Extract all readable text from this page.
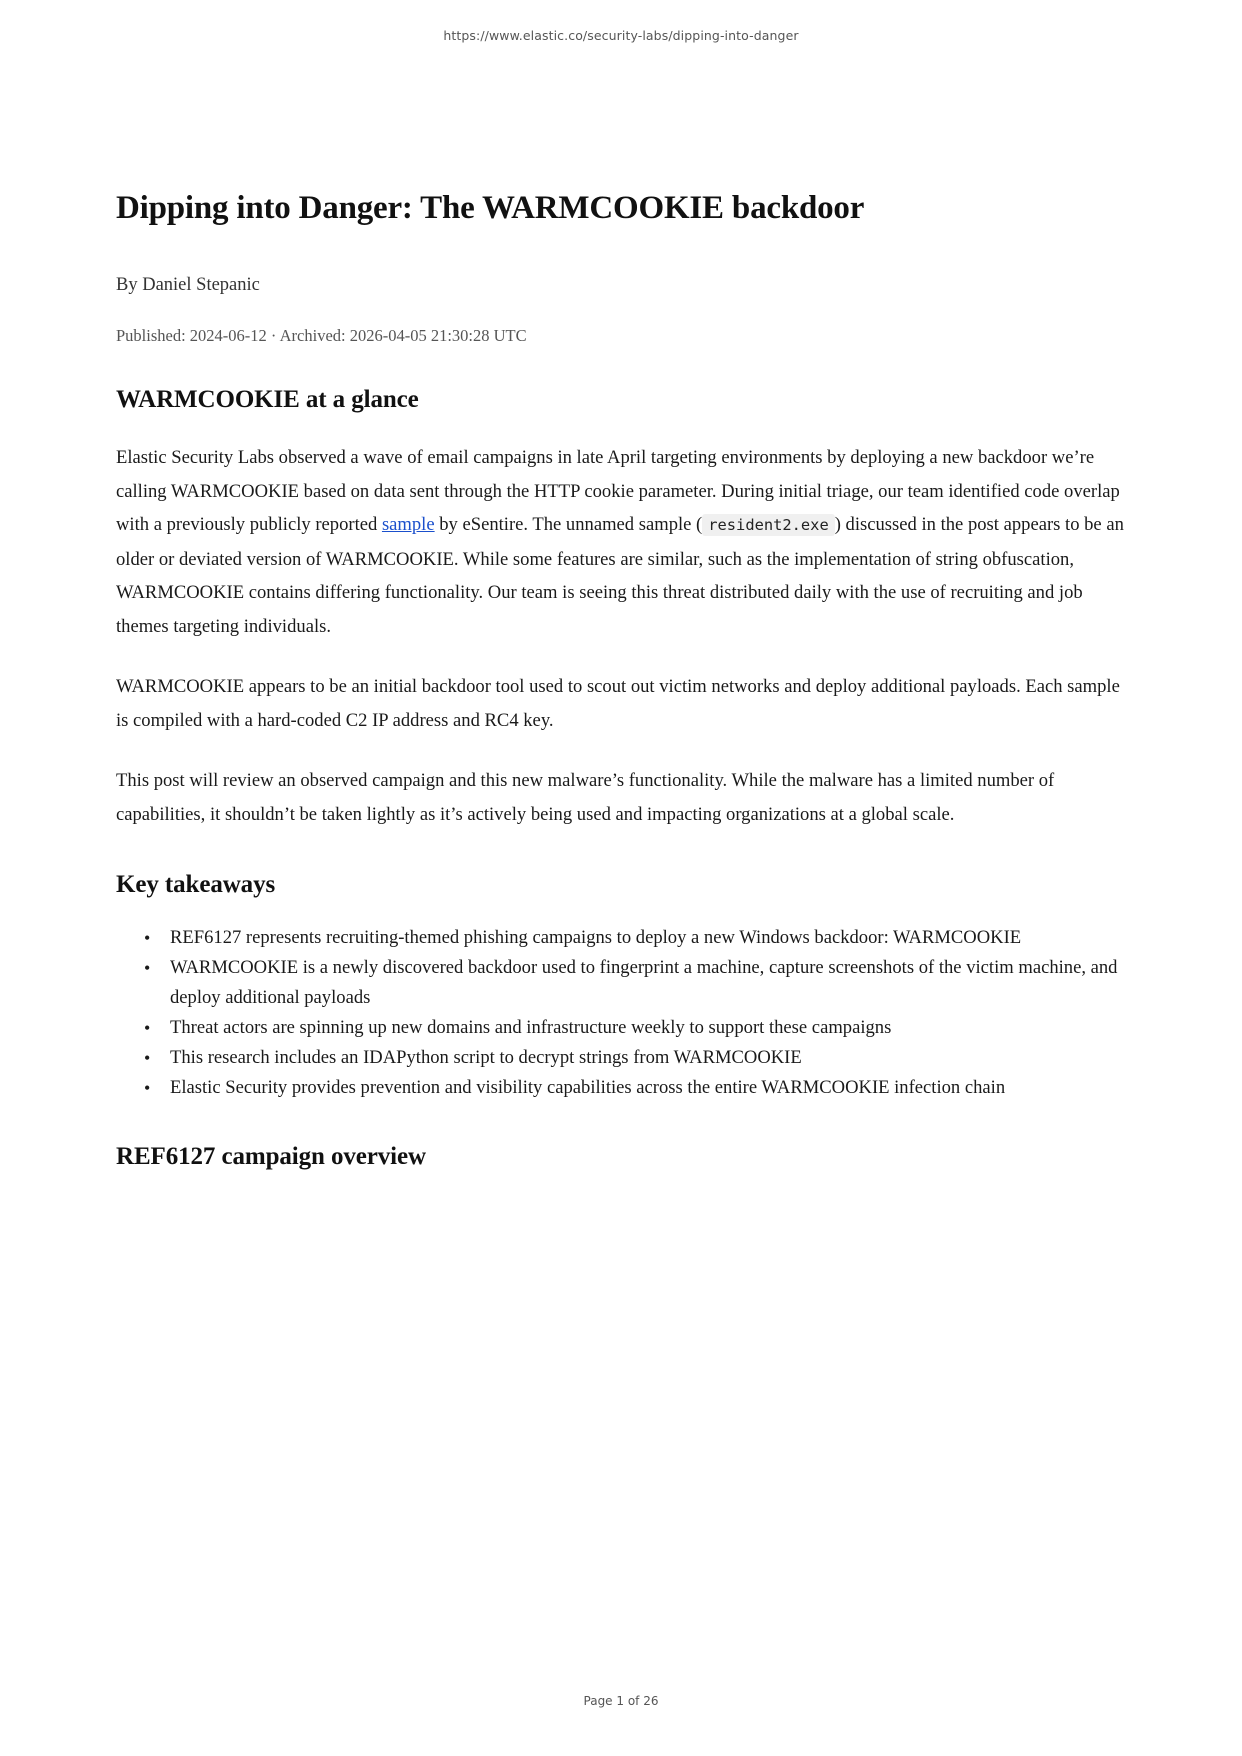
https://www.elastic.co/security-labs/dipping-into-danger
Dipping into Danger: The WARMCOOKIE backdoor
By Daniel Stepanic
Published: 2024-06-12 · Archived: 2026-04-05 21:30:28 UTC
WARMCOOKIE at a glance

Elastic Security Labs observed a wave of email campaigns in late April targeting environments by deploying a new backdoor we’re calling WARMCOOKIE based on data sent through the HTTP cookie parameter. During initial triage, our team identified code overlap with a previously publicly reported sample by eSentire. The unnamed sample ( resident2.exe ) discussed in the post appears to be an older or deviated version of WARMCOOKIE. While some features are similar, such as the implementation of string obfuscation, WARMCOOKIE contains differing functionality. Our team is seeing this threat distributed daily with the use of recruiting and job themes targeting individuals.

WARMCOOKIE appears to be an initial backdoor tool used to scout out victim networks and deploy additional payloads. Each sample is compiled with a hard-coded C2 IP address and RC4 key.

This post will review an observed campaign and this new malware’s functionality. While the malware has a limited number of capabilities, it shouldn’t be taken lightly as it’s actively being used and impacting organizations at a global scale.

Key takeaways
• REF6127 represents recruiting-themed phishing campaigns to deploy a new Windows backdoor: WARMCOOKIE
• WARMCOOKIE is a newly discovered backdoor used to fingerprint a machine, capture screenshots of the victim machine, and deploy additional payloads
• Threat actors are spinning up new domains and infrastructure weekly to support these campaigns
• This research includes an IDAPython script to decrypt strings from WARMCOOKIE
• Elastic Security provides prevention and visibility capabilities across the entire WARMCOOKIE infection chain
REF6127 campaign overview
Page 1 of 26
